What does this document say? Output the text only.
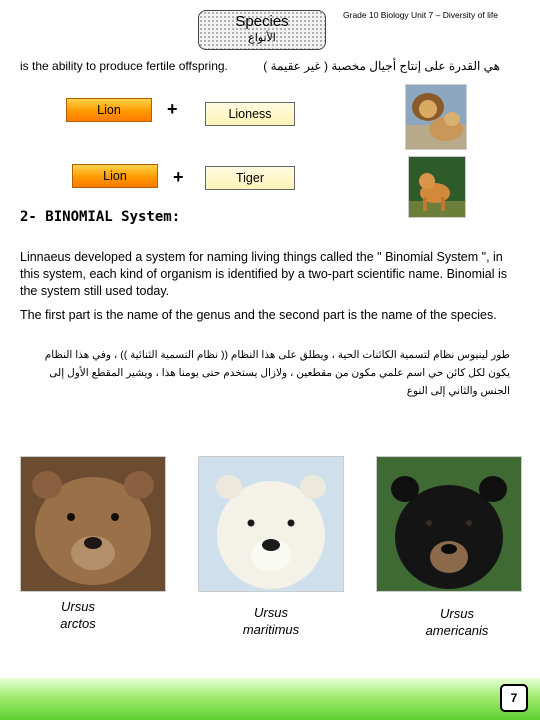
Species
الأنواع
Grade 10 Biology Unit 7 – Diversity of life
is the ability to produce fertile offspring.	هي القدرة على إنتاج أجيال مخصبة ( غير عقيمة )
Lion	+	Lioness
Lion	+	Tiger
2- BINOMIAL System:
Linnaeus developed a system for naming living things called the " Binomial System ", in this system, each kind of organism is identified by a two-part scientific name. Binomial is the system still used today.
The first part is the name of the genus and the second part is the name of the species.
طور لينيوس نظام لتسمية الكائنات الحية ، ويطلق على هذا النظام (( نظام التسمية الثنائية )) ، وفي هذا النظام
يكون لكل كائن حي اسم علمي مكون من مقطعين ، ولازال يستخدم حتى يومنا هذا ، ويشير المقطع الأول إلى
الجنس والثاني إلى النوع
Ursus
arctos
Ursus
maritimus
Ursus
americanis
7
